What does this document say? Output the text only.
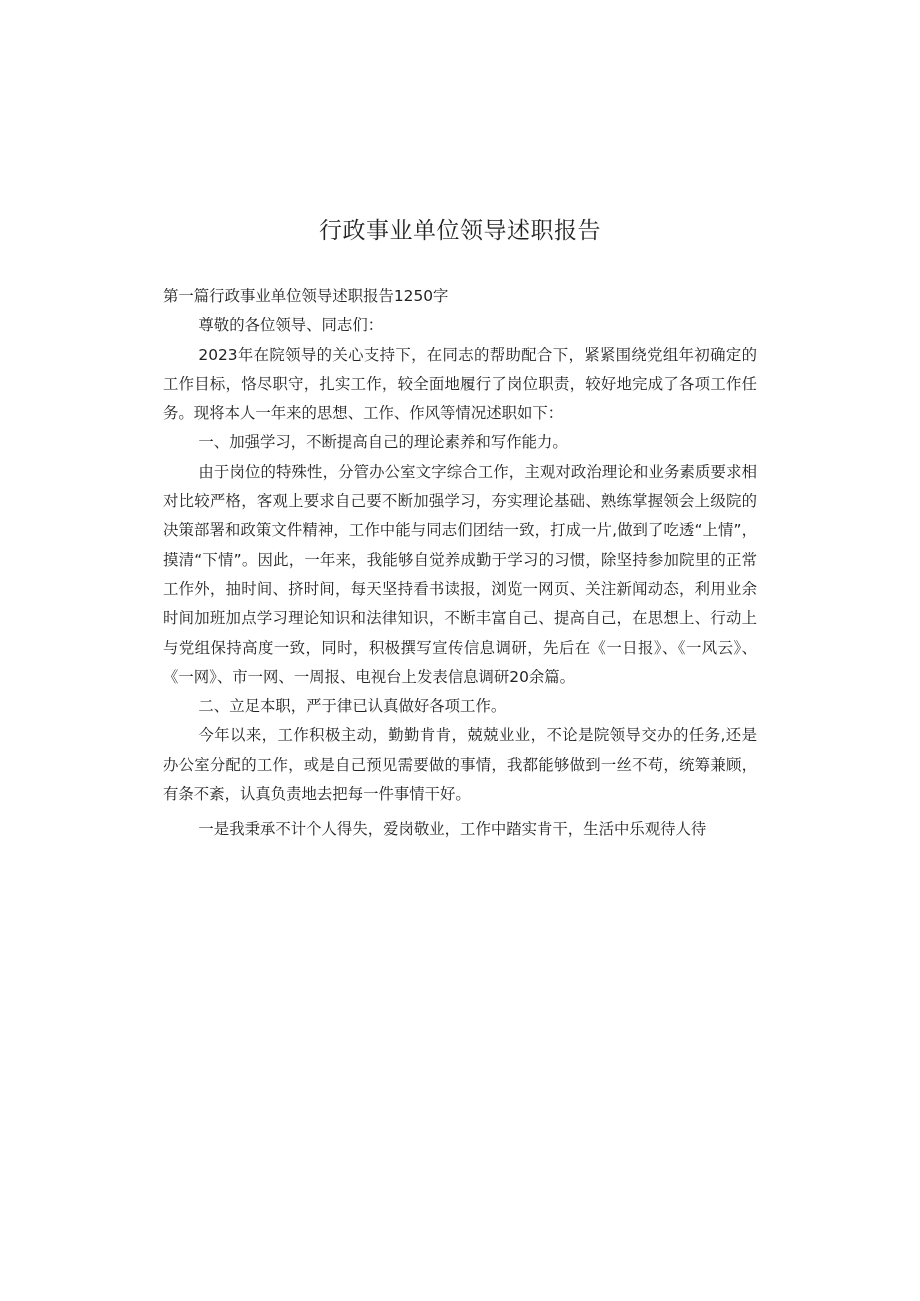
行政事业单位领导述职报告

第一篇行政事业单位领导述职报告1250字

尊敬的各位领导、同志们：

2023年在院领导的关心支持下，在同志的帮助配合下，紧紧围绕党组年初确定的工作目标，恪尽职守，扎实工作，较全面地履行了岗位职责，较好地完成了各项工作任务。现将本人一年来的思想、工作、作风等情况述职如下：

一、加强学习，不断提高自己的理论素养和写作能力。

由于岗位的特殊性，分管办公室文字综合工作，主观对政治理论和业务素质要求相对比较严格，客观上要求自己要不断加强学习，夯实理论基础、熟练掌握领会上级院的决策部署和政策文件精神，工作中能与同志们团结一致，打成一片,做到了吃透“上情”，摸清“下情”。因此，一年来，我能够自觉养成勤于学习的习惯，除坚持参加院里的正常工作外，抽时间、挤时间，每天坚持看书读报，浏览一网页、关注新闻动态，利用业余时间加班加点学习理论知识和法律知识，不断丰富自己、提高自己，在思想上、行动上与党组保持高度一致，同时，积极撰写宣传信息调研，先后在《一日报》、《一风云》、《一网》、市一网、一周报、电视台上发表信息调研20余篇。

二、立足本职，严于律已认真做好各项工作。

今年以来，工作积极主动，勤勤肯肯，兢兢业业，不论是院领导交办的任务,还是办公室分配的工作，或是自己预见需要做的事情，我都能够做到一丝不苟，统筹兼顾，有条不紊，认真负责地去把每一件事情干好。

一是我秉承不计个人得失，爱岗敬业，工作中踏实肯干，生活中乐观待人待
